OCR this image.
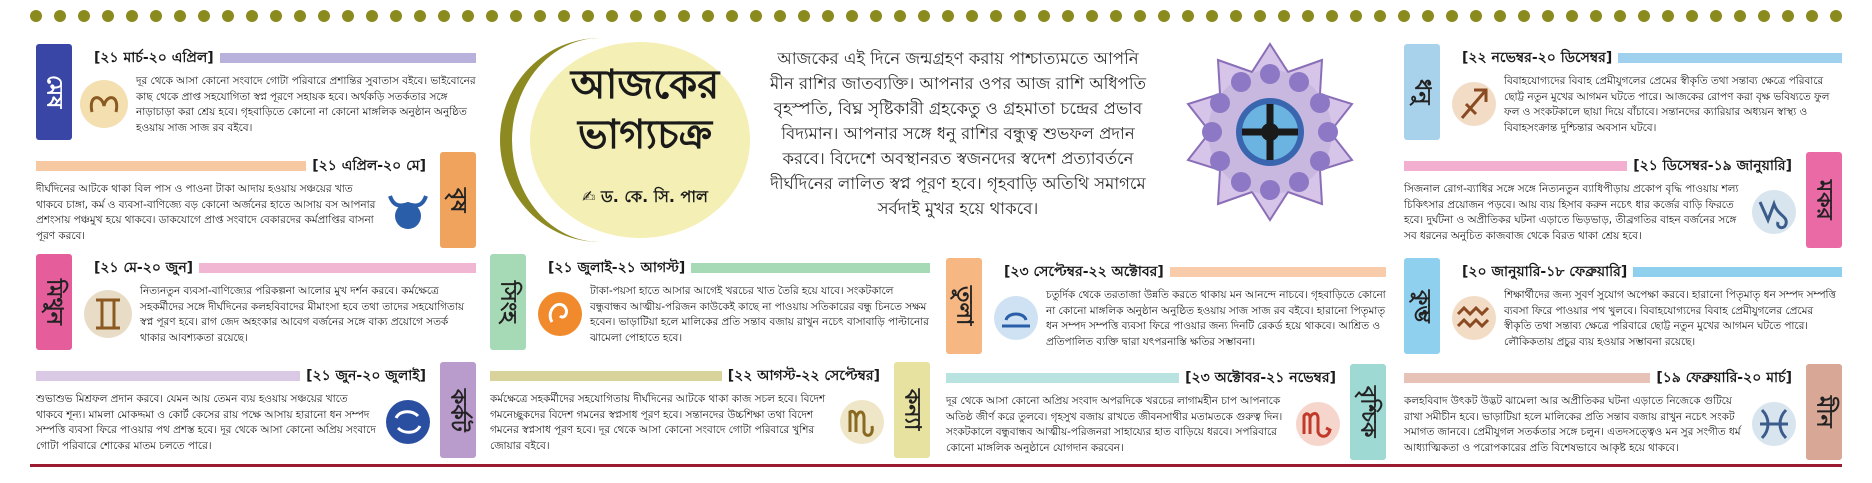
মেষ
[২১ মার্চ-২০ এপ্রিল]
দূর থেকে আসা কোনো সংবাদে গোটা পরিবারে প্রশান্তির সুবাতাস বইবে। ভাইবোনের কাছ থেকে প্রাপ্ত সহযোগিতা স্বপ্ন পূরণে সহায়ক হবে। অর্থকড়ি সতর্কতার সঙ্গে নাড়াচাড়া করা শ্রেয় হবে। গৃহবাড়িতে কোনো না কোনো মাঙ্গলিক অনুষ্ঠান অনুষ্ঠিত হওয়ায় সাজ সাজ রব বইবে।
বৃষ
[২১ এপ্রিল-২০ মে]
দীর্ঘদিনের আটকে থাকা বিল পাস ও পাওনা টাকা আদায় হওয়ায় সঞ্চয়ের খাত থাকবে চাঙ্গা, কর্ম ও ব্যবসা-বাণিজ্যে বড় কোনো অর্জনের হাতে আসায় বস আপনার প্রশংসায় পঞ্চমুখ হয়ে থাকবে। ডাকযোগে প্রাপ্ত সংবাদে বেকারদের কর্মপ্রাপ্তির বাসনা পূরণ করবে।
মিথুন
[২১ মে-২০ জুন]
নিত্যনতুন ব্যবসা-বাণিজ্যের পরিকল্পনা আলোর মুখ দর্শন করবে। কর্মক্ষেত্রে সহকর্মীদের সঙ্গে দীর্ঘদিনের কলহবিবাদের মীমাংসা হবে তথা তাদের সহযোগিতায় স্বপ্ন পূরণ হবে। রাগ জেদ অহংকার আবেগ বর্জনের সঙ্গে বাক্য প্রয়োগে সতর্ক থাকার আবশ্যকতা রয়েছে।
কর্কট
[২১ জুন-২০ জুলাই]
শুভাশুভ মিশ্রফল প্রদান করবে। যেমন আয় তেমন ব্যয় হওয়ায় সঞ্চয়ের খাতে থাকবে শূন্য। মামলা মোকদ্দমা ও কোর্ট কেসের রায় পক্ষে আসায় হারানো ধন সম্পদ সম্পত্তি ব্যবসা ফিরে পাওয়ার পথ প্রশস্ত হবে। দূর থেকে আসা কোনো অপ্রিয় সংবাদে গোটা পরিবারে শোকের মাতম চলতে পারে।
আজকের
ভাগ্যচক্র
✍ ড. কে. সি. পাল
আজকের এই দিনে জন্মগ্রহণ করায় পাশ্চাত্যমতে আপনি মীন রাশির জাতব্যক্তি। আপনার ওপর আজ রাশি অধিপতি বৃহস্পতি, বিঘ্ন সৃষ্টিকারী গ্রহকেতু ও গ্রহমাতা চন্দ্রের প্রভাব বিদ্যমান। আপনার সঙ্গে ধনু রাশির বন্ধুত্ব শুভফল প্রদান করবে। বিদেশে অবস্থানরত স্বজনদের স্বদেশ প্রত্যাবর্তনে দীর্ঘদিনের লালিত স্বপ্ন পূরণ হবে। গৃহবাড়ি অতিথি সমাগমে সর্বদাই মুখর হয়ে থাকবে।
সিংহ
[২১ জুলাই-২১ আগস্ট]
টাকা-পয়সা হাতে আসার আগেই খরচের খাত তৈরি হয়ে যাবে। সংকটকালে বন্ধুবান্ধব আত্মীয়-পরিজন কাউকেই কাছে না পাওয়ায় সতিকারের বন্ধু চিনতে সক্ষম হবেন। ভাড়াটিয়া হলে মালিকের প্রতি সন্তাব বজায় রাখুন নচেৎ বাসাবাড়ি পাল্টানোর ঝামেলা পোহাতে হবে।
কন্যা
[২২ আগস্ট-২২ সেপ্টেম্বর]
কর্মক্ষেত্রে সহকর্মীদের সহযোগিতায় দীর্ঘদিনের আটকে থাকা কাজ সচল হবে। বিদেশ গমনেচ্ছুকদের বিদেশ গমনের স্বপ্নসাধ পূরণ হবে। সন্তানদের উচ্চশিক্ষা তথা বিদেশ গমনের স্বপ্নসাধ পূরণ হবে। দূর থেকে আসা কোনো সংবাদে গোটা পরিবারে খুশির জোয়ার বইবে।
তুলা
[২৩ সেপ্টেম্বর-২২ অক্টোবর]
চতুর্দিক থেকে তরতাজা উন্নতি করতে থাকায় মন আনন্দে নাচবে। গৃহবাড়িতে কোনো না কোনো মাঙ্গলিক অনুষ্ঠান অনুষ্ঠিত হওয়ায় সাজ সাজ রব বইবে। হারানো পিতৃমাতৃ ধন সম্পদ সম্পত্তি ব্যবসা ফিরে পাওয়ার জন্য দিনটি রেকর্ড হয়ে থাকবে। আশ্রিত ও প্রতিপালিত ব্যক্তি দ্বারা যৎপরনাস্তি ক্ষতির সম্ভাবনা।
বৃশ্চিক
[২৩ অক্টোবর-২১ নভেম্বর]
দূর থেকে আসা কোনো অপ্রিয় সংবাদ অপরদিকে খরচের লাগামহীন চাপ আপনাকে অতিষ্ঠ জীর্ণ করে তুলবে। গৃহসুখ বজায় রাখতে জীবনসাথীর মতামতকে গুরুত্ব দিন। সংকটকালে বন্ধুবান্ধব আত্মীয়-পরিজনরা সাহায্যের হাত বাড়িয়ে ধরবে। সপরিবারে কোনো মাঙ্গলিক অনুষ্ঠানে যোগদান করবেন।
ধনু
[২২ নভেম্বর-২০ ডিসেম্বর]
বিবাহযোগ্যদের বিবাহ প্রেমীযুগলের প্রেমের স্বীকৃতি তথা সন্তাব্য ক্ষেত্রে পরিবারে ছোট্ট নতুন মুখের আগমন ঘটতে পারে। আজকের রোপণ করা বৃক্ষ ভবিষ্যতে ফুল ফল ও সংকটকালে ছায়া দিয়ে বাঁচাবে। সন্তানদের ক্যারিয়ার অধ্যয়ন স্বাস্থ্য ও বিবাহসংক্রান্ত দুশ্চিন্তার অবসান ঘটবে।
মকর
[২১ ডিসেম্বর-১৯ জানুয়ারি]
সিজনাল রোগ-ব্যাধির সঙ্গে সঙ্গে নিত্যনতুন ব্যাধিপীড়ায় প্রকোপ বৃদ্ধি পাওয়ায় শল্য চিকিৎসার প্রয়োজন পড়বে। আয় ব্যয় হিসাব করুন নচেৎ ধার কর্জের বাড়ি ফিরতে হবে। দুর্ঘটনা ও অপ্রীতিকর ঘটনা এড়াতে ভিড়ভাড়, তীব্রগতির বাহন বর্জনের সঙ্গে সব ধরনের অনুচিত কাজবাজ থেকে বিরত থাকা শ্রেয় হবে।
কুম্ভ
[২০ জানুয়ারি-১৮ ফেব্রুয়ারি]
শিক্ষার্থীদের জন্য সুবর্ণ সুযোগ অপেক্ষা করবে। হারানো পিতৃমাতৃ ধন সম্পদ সম্পত্তি ব্যবসা ফিরে পাওয়ার পথ খুলবে। বিবাহযোগ্যদের বিবাহ প্রেমীযুগলের প্রেমের স্বীকৃতি তথা সন্তাব্য ক্ষেত্রে পরিবারে ছোট্ট নতুন মুখের আগমন ঘটতে পারে। লৌকিকতায় প্রচুর ব্যয় হওয়ার সম্ভাবনা রয়েছে।
মীন
[১৯ ফেব্রুয়ারি-২০ মার্চ]
কলহবিবাদ উৎকট উদ্ভট ঝামেলা আর অপ্রীতিকর ঘটনা এড়াতে নিজেকে গুটিয়ে রাখা সমীচীন হবে। ভাড়াটিয়া হলে মালিকের প্রতি সন্তাব বজায় রাখুন নচেৎ সংকট সমাগত জানবে। প্রেমীযুগল সতর্কতার সঙ্গে চলুন। এতদসত্ত্বেও মন সুর সংগীত ধর্ম আধ্যাত্মিকতা ও পরোপকারের প্রতি বিশেষভাবে আকৃষ্ট হয়ে থাকবে।
